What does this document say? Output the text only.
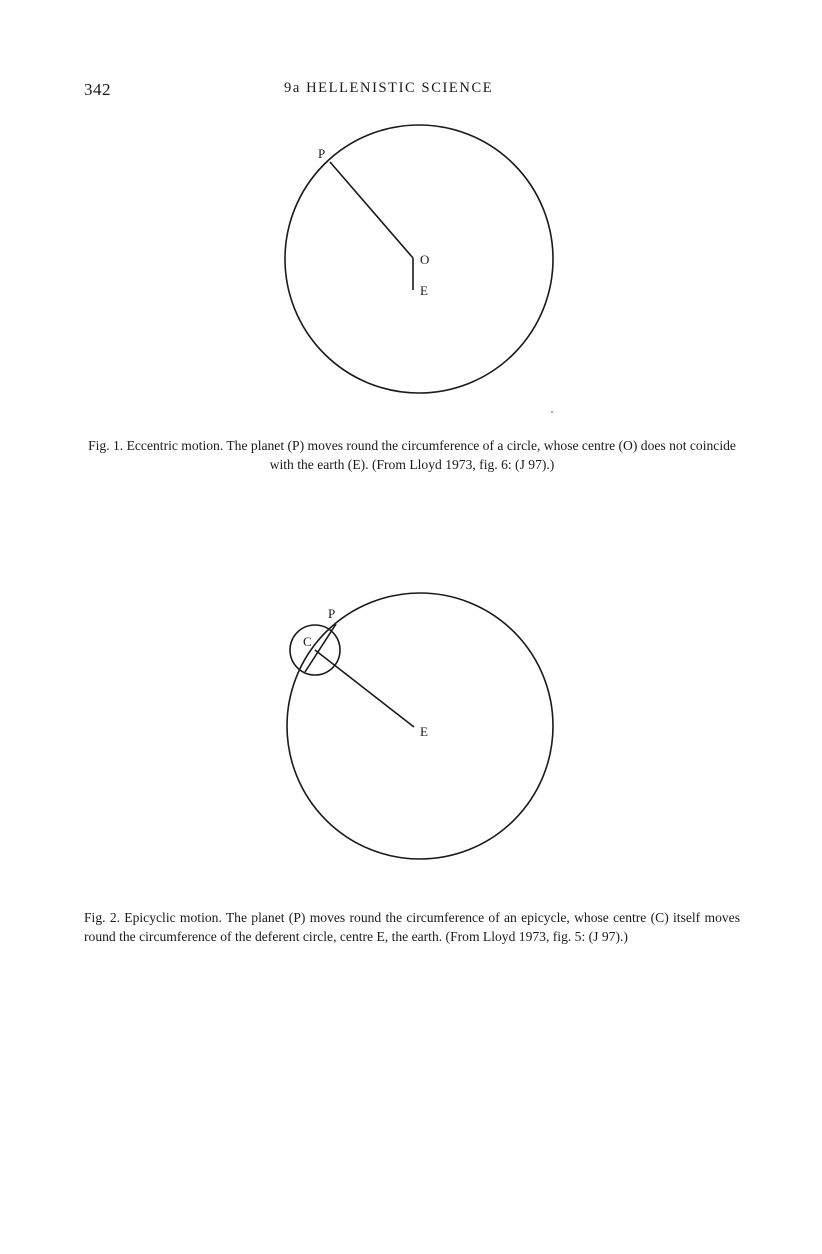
342	9a HELLENISTIC SCIENCE
P
O
E
P
C
E
Fig. 1. Eccentric motion. The planet (P) moves round the circumference of a circle, whose centre (O) does not coincide with the earth (E). (From Lloyd 1973, fig. 6: (J 97).)
Fig. 2. Epicyclic motion. The planet (P) moves round the circumference of an epicycle, whose centre (C) itself moves round the circumference of the deferent circle, centre E, the earth. (From Lloyd 1973, fig. 5: (J 97).)
